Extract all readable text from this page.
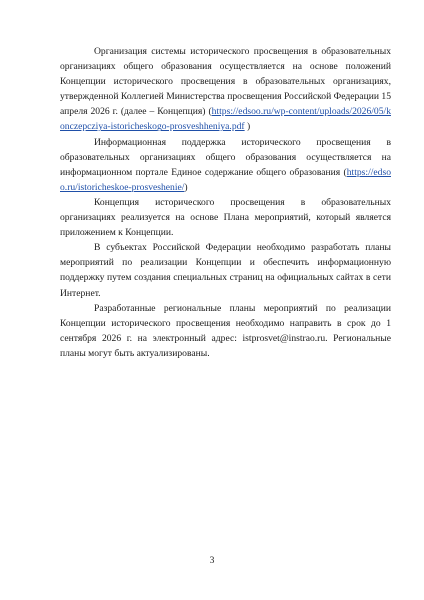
Организация системы исторического просвещения в образовательных организациях общего образования осуществляется на основе положений Концепции исторического просвещения в образовательных организациях, утвержденной Коллегией Министерства просвещения Российской Федерации 15 апреля 2026 г. (далее – Концепция) (https://edsoo.ru/wp-content/uploads/2026/05/konczepcziya-istoricheskogo-prosveshheniya.pdf )

Информационная поддержка исторического просвещения в образовательных организациях общего образования осуществляется на информационном портале Единое содержание общего образования (https://edsoo.ru/istoricheskoe-prosveshenie/)

Концепция исторического просвещения в образовательных организациях реализуется на основе Плана мероприятий, который является приложением к Концепции.

В субъектах Российской Федерации необходимо разработать планы мероприятий по реализации Концепции и обеспечить информационную поддержку путем создания специальных страниц на официальных сайтах в сети Интернет.

Разработанные региональные планы мероприятий по реализации Концепции исторического просвещения необходимо направить в срок до 1 сентября 2026 г. на электронный адрес: istprosvet@instrao.ru. Региональные планы могут быть актуализированы.

3
